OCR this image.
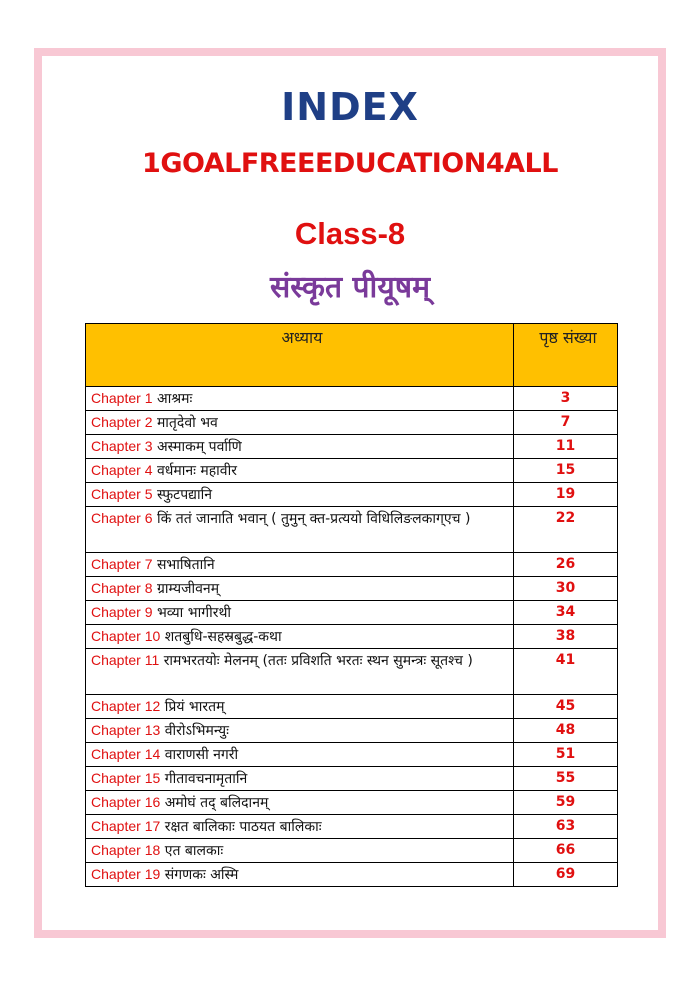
INDEX
1GOALFREEEDUCATION4ALL
Class-8
संस्कृत पीयूषम्
अध्याय	पृष्ठ संख्या
Chapter 1 आश्रमः	3
Chapter 2 मातृदेवो भव	7
Chapter 3 अस्माकम् पर्वाणि	11
Chapter 4 वर्धमानः महावीर	15
Chapter 5 स्फुटपद्यानि	19
Chapter 6 किं ततं जानाति भवान् ( तुमुन् क्त-प्रत्ययो विधिलिङलकाग्एच )	22
Chapter 7 सभाषितानि	26
Chapter 8 ग्राम्यजीवनम्	30
Chapter 9 भव्या भागीरथी	34
Chapter 10 शतबुधि-सहस्रबुद्ध-कथा	38
Chapter 11 रामभरतयोः मेलनम् (ततः प्रविशति भरतः स्थन सुमन्त्रः सूतश्च )	41
Chapter 12 प्रियं भारतम्	45
Chapter 13 वीरोऽभिमन्युः	48
Chapter 14 वाराणसी नगरी	51
Chapter 15 गीतावचनामृतानि	55
Chapter 16 अमोघं तद् बलिदानम्	59
Chapter 17 रक्षत बालिकाः पाठयत बालिकाः	63
Chapter 18 एत बालकाः	66
Chapter 19 संगणकः अस्मि	69
